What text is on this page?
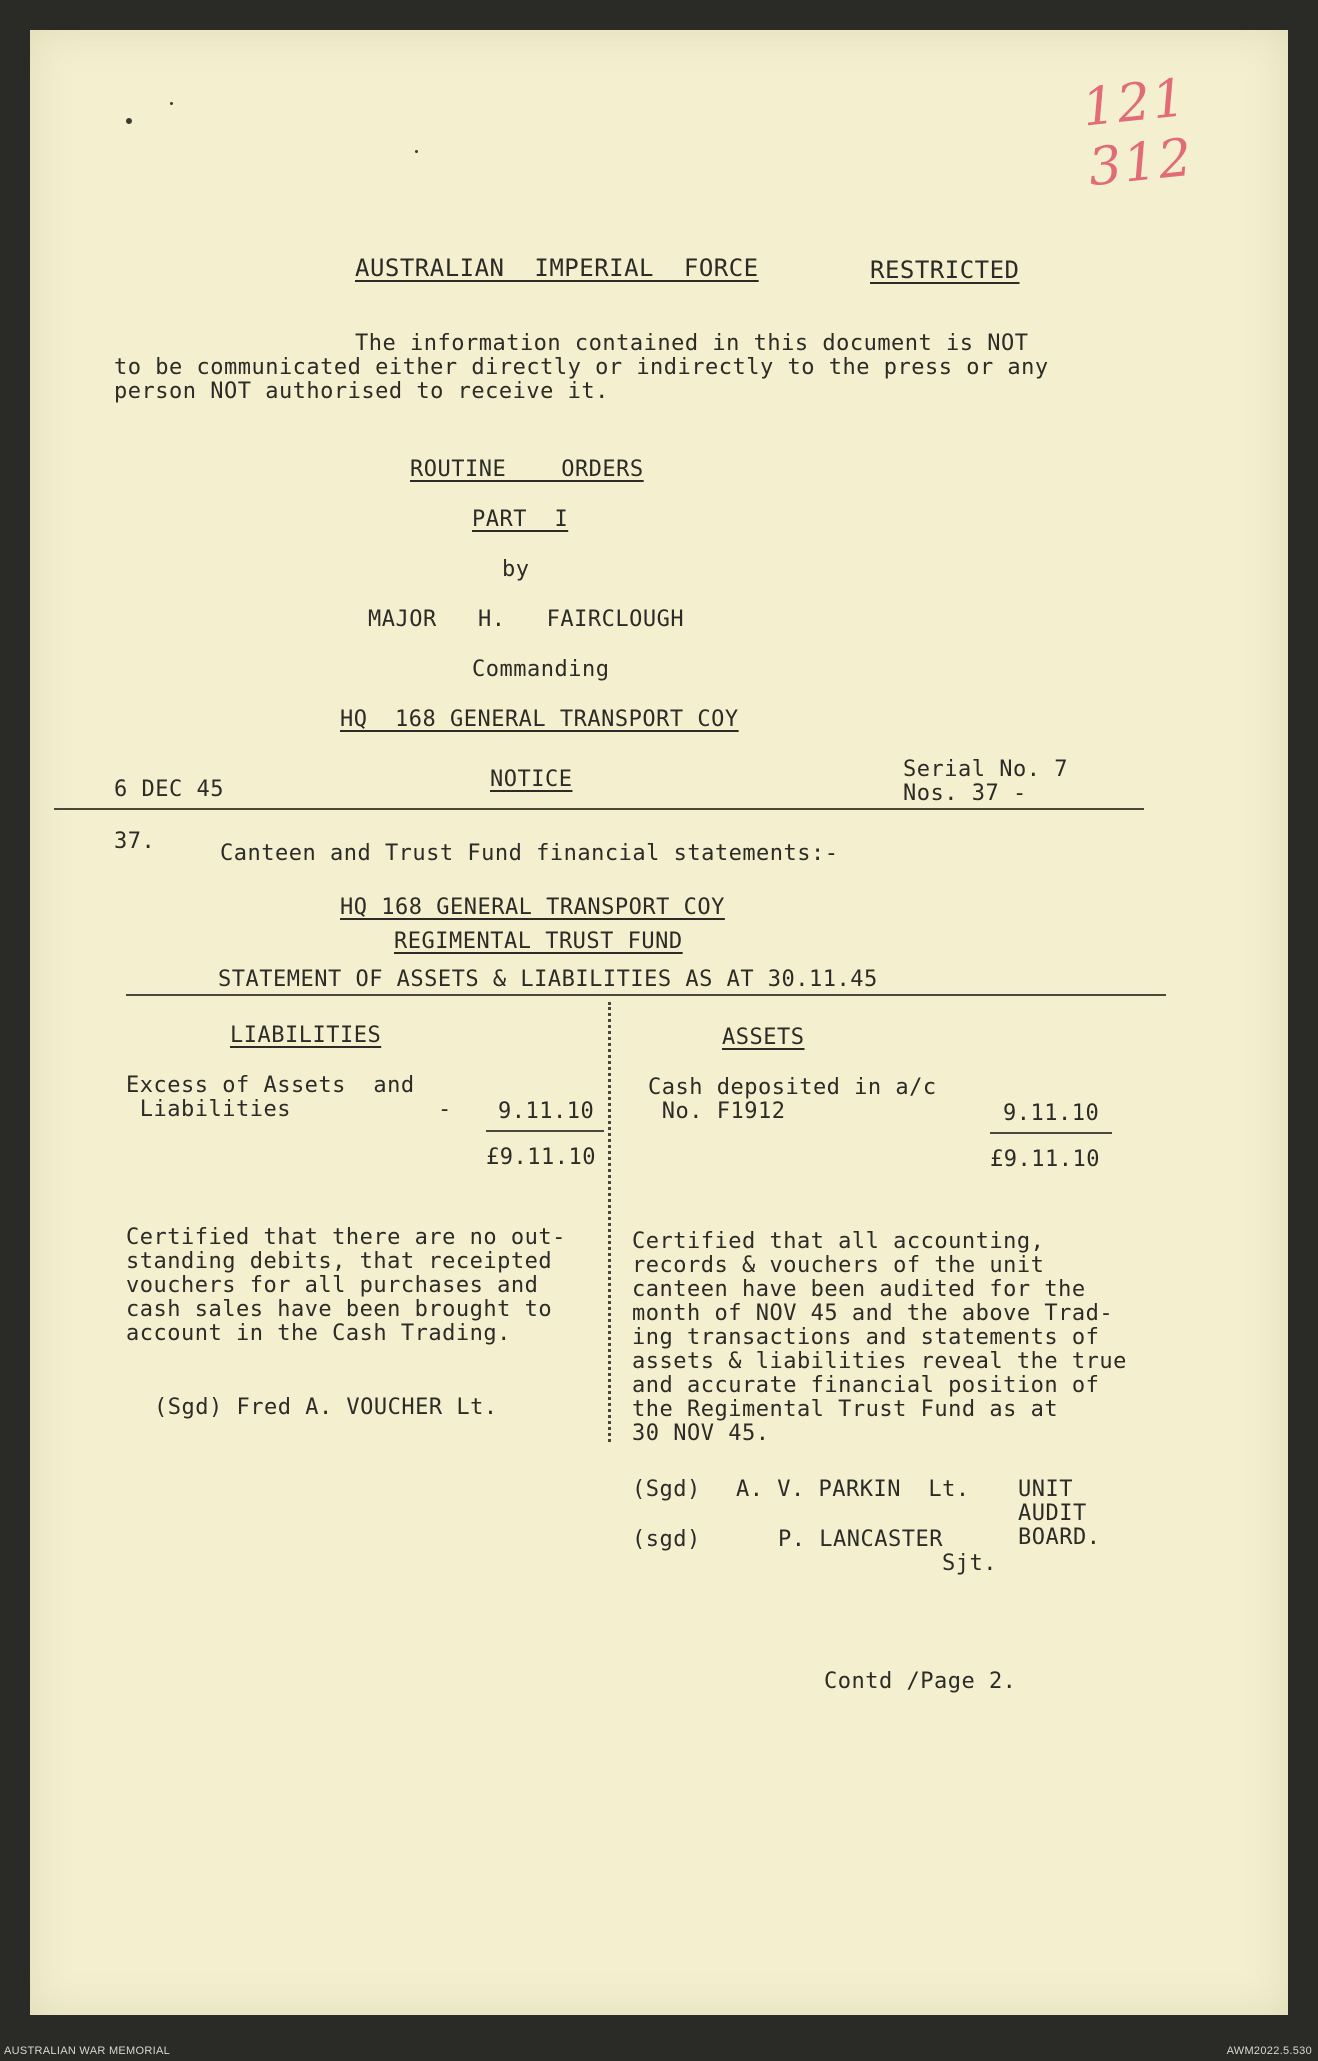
121 312
AUSTRALIAN  IMPERIAL  FORCE	RESTRICTED
The information contained in this document is NOT
to be communicated either directly or indirectly to the press or any
person NOT authorised to receive it.
ROUTINE    ORDERS
PART  I
by
MAJOR   H.   FAIRCLOUGH
Commanding
HQ  168 GENERAL TRANSPORT COY
6 DEC 45	NOTICE	Serial No. 7
Nos. 37 -
37.	Canteen and Trust Fund financial statements:-
HQ 168 GENERAL TRANSPORT COY
REGIMENTAL TRUST FUND
STATEMENT OF ASSETS & LIABILITIES AS AT 30.11.45
LIABILITIES
Excess of Assets  and
Liabilities	- 9.11.10
£9.11.10
ASSETS
Cash deposited in a/c
No. F1912	9.11.10
£9.11.10
Certified that there are no out-
standing debits, that receipted
vouchers for all purchases and
cash sales have been brought to
account in the Cash Trading.
(Sgd) Fred A. VOUCHER Lt.
Certified that all accounting,
records & vouchers of the unit
canteen have been audited for the
month of NOV 45 and the above Trad-
ing transactions and statements of
assets & liabilities reveal the true
and accurate financial position of
the Regimental Trust Fund as at
30 NOV 45.
(Sgd) A. V. PARKIN  Lt.
(sgd)	P. LANCASTER
Sjt.
UNIT
AUDIT
BOARD.
Contd /Page 2.
AUSTRALIAN WAR MEMORIAL	AWM2022.5.530
